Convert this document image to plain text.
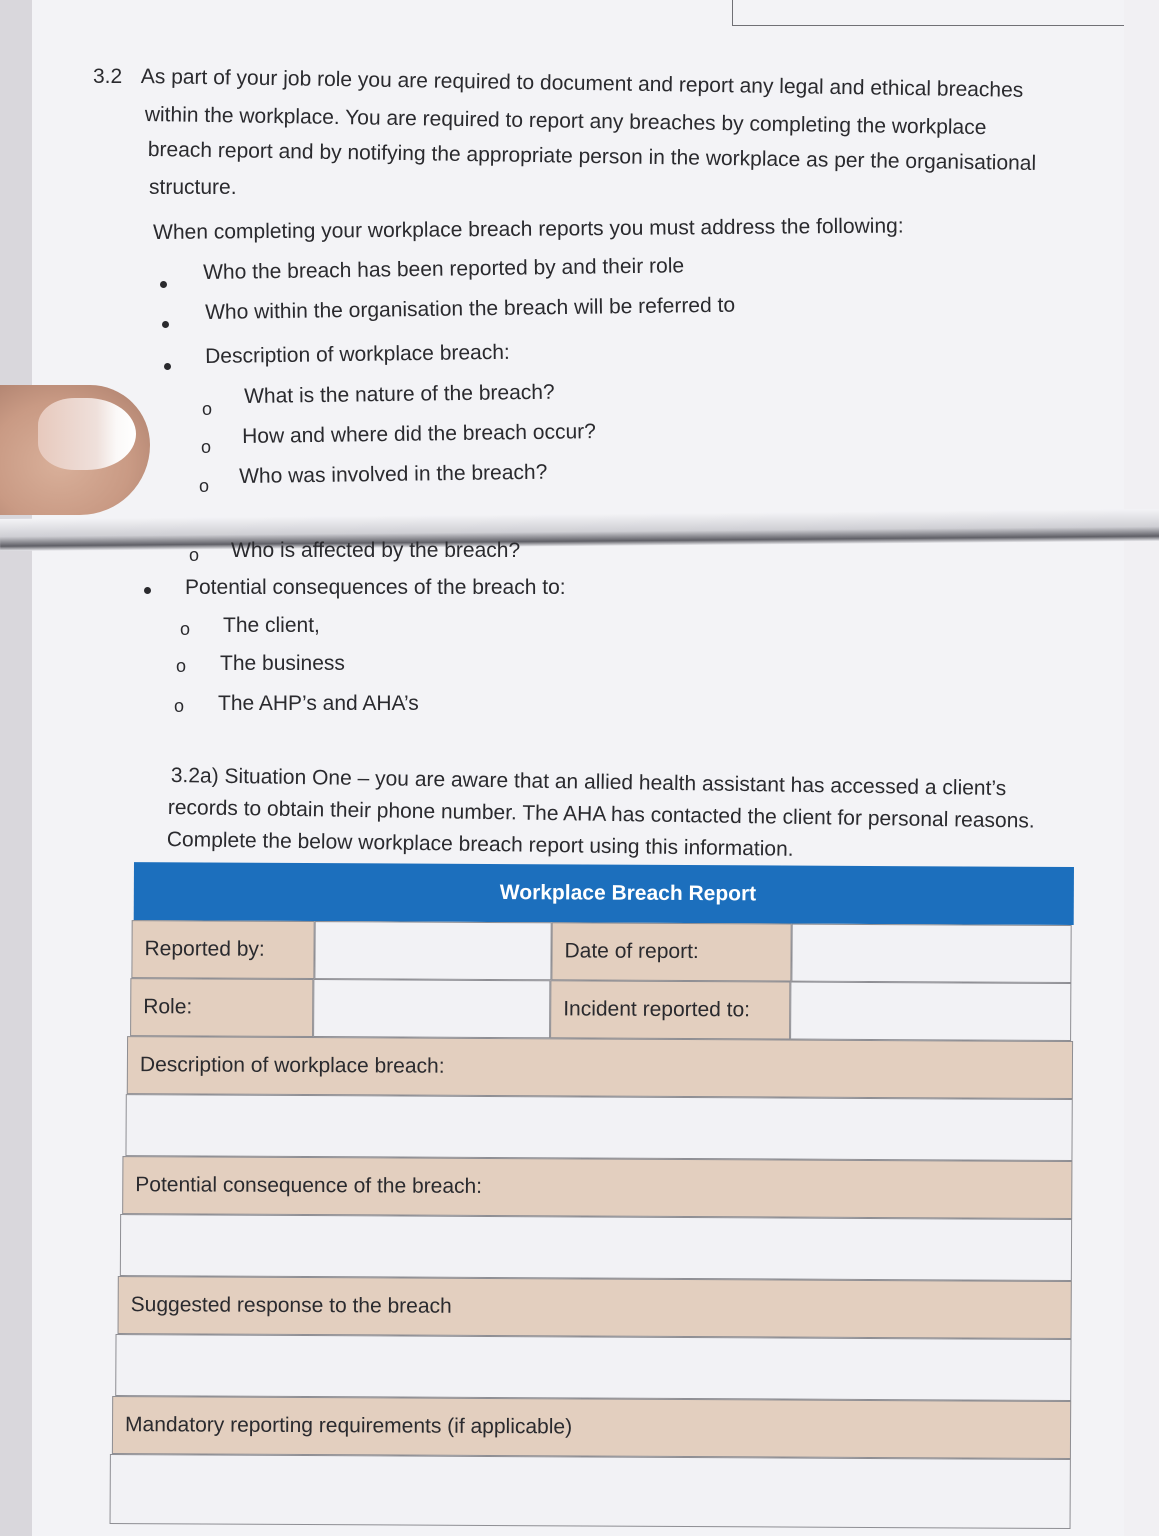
3.2 As part of your job role you are required to document and report any legal and ethical breaches
within the workplace. You are required to report any breaches by completing the workplace
breach report and by notifying the appropriate person in the workplace as per the organisational
structure.
When completing your workplace breach reports you must address the following:
Who the breach has been reported by and their role
Who within the organisation the breach will be referred to
Description of workplace breach:
o
What is the nature of the breach?
o How and where did the breach occur?
o Who was involved in the breach?
o Who is affected by the breach?
Potential consequences of the breach to:
o The client,
o The business
o The AHP’s and AHA’s
3.2a) Situation One – you are aware that an allied health assistant has accessed a client’s
records to obtain their phone number. The AHA has contacted the client for personal reasons.
Complete the below workplace breach report using this information.
Workplace Breach Report
Reported by:	Date of report:
Role:	Incident reported to:
Description of workplace breach:
Potential consequence of the breach:
Suggested response to the breach
Mandatory reporting requirements (if applicable)
